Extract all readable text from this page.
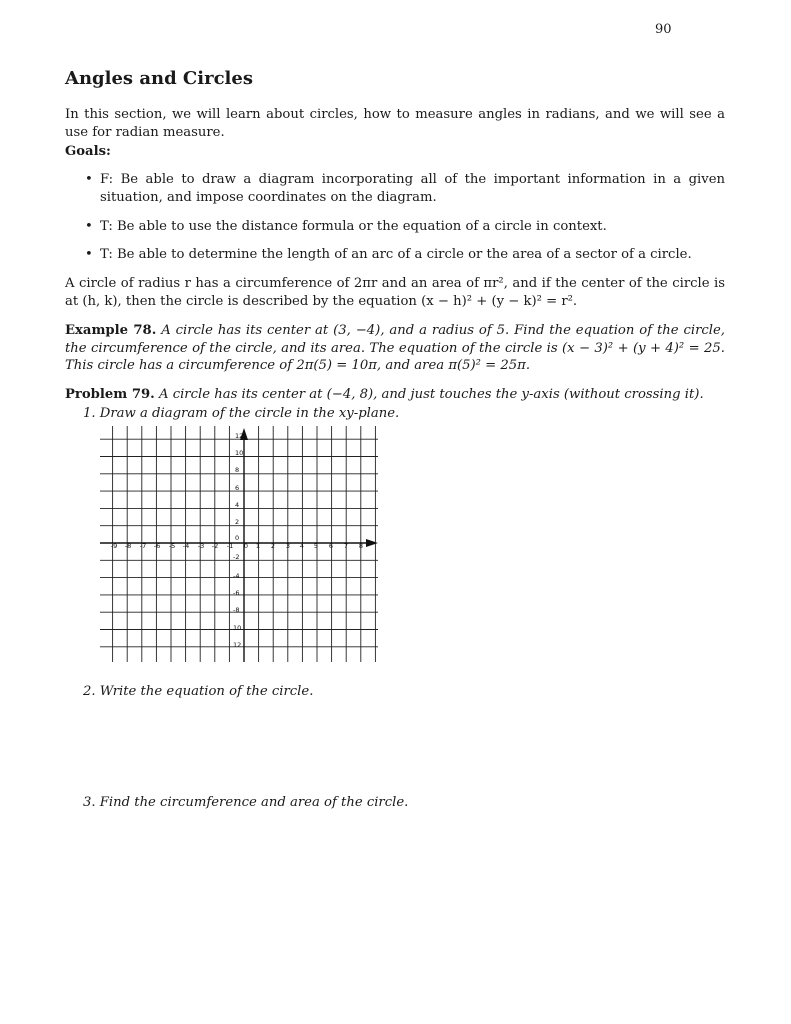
90
Angles and Circles
In this section, we will learn about circles, how to measure angles in radians, and we will see a use for radian measure.
Goals:
• F: Be able to draw a diagram incorporating all of the important information in a given situation, and impose coordinates on the diagram.
• T: Be able to use the distance formula or the equation of a circle in context.
• T: Be able to determine the length of an arc of a circle or the area of a sector of a circle.
A circle of radius r has a circumference of 2πr and an area of πr², and if the center of the circle is at (h, k), then the circle is described by the equation (x − h)² + (y − k)² = r².
Example 78. A circle has its center at (3, −4), and a radius of 5. Find the equation of the circle, the circumference of the circle, and its area. The equation of the circle is (x − 3)² + (y + 4)² = 25. This circle has a circumference of 2π(5) = 10π, and area π(5)² = 25π.
Problem 79. A circle has its center at (−4, 8), and just touches the y-axis (without crossing it).
1. Draw a diagram of the circle in the xy-plane.
-9 -8 -7 -6 -5 -4 -3 -2 -1 0 1 2 3 4 5 6 7 8
12
10
8
6
4
2
0
-2
-4
-6
-8
10
12
2. Write the equation of the circle.
3. Find the circumference and area of the circle.
